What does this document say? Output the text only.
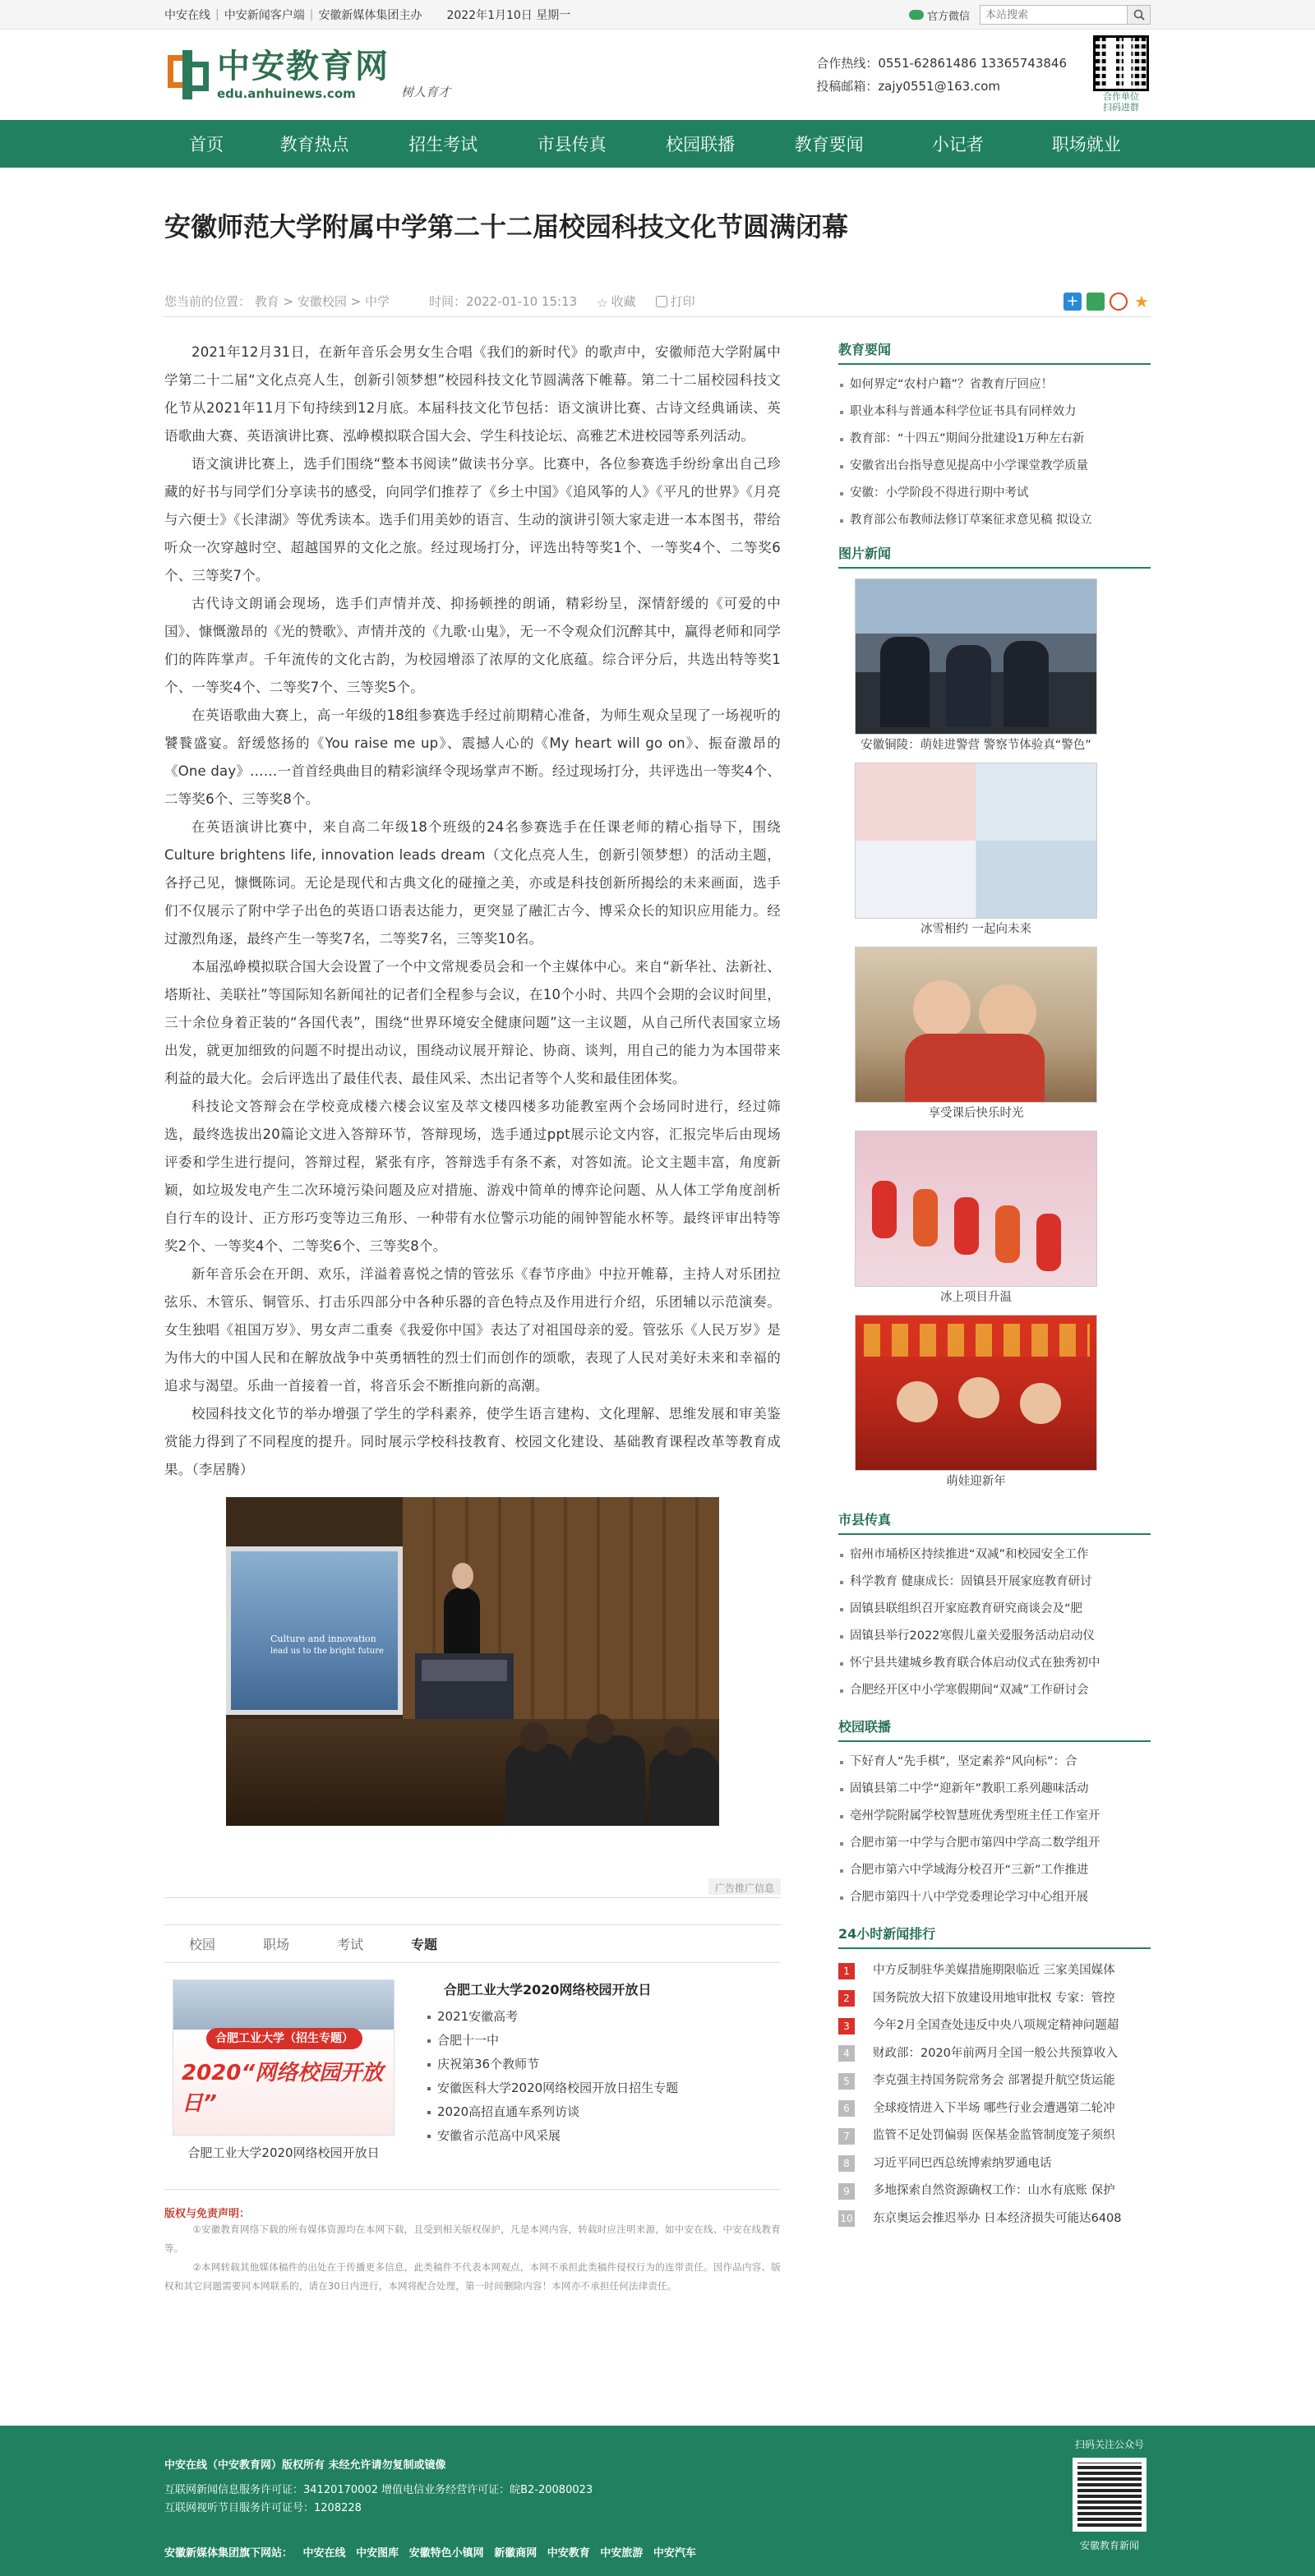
中安在线 | 中安新闻客户端 | 安徽新媒体集团主办 2022年1月10日 星期一	官方微信
本站搜索
中安教育网
edu.anhuinews.com	树人育才
合作热线：0551-62861486 13365743846
投稿邮箱：zajy0551@163.com
合作单位
扫码进群
首页	教育热点	招生考试	市县传真	校园联播	教育要闻	小记者	职场就业
安徽师范大学附属中学第二十二届校园科技文化节圆满闭幕
您当前的位置： 教育 > 安徽校园 > 中学	时间：2022-01-10 15:13 ☆ 收藏	打印	+	★

2021年12月31日，在新年音乐会男女生合唱《我们的新时代》的歌声中，安徽师范大学附属中学第二十二届“文化点亮人生，创新引领梦想”校园科技文化节圆满落下帷幕。第二十二届校园科技文化节从2021年11月下旬持续到12月底。本届科技文化节包括：语文演讲比赛、古诗文经典诵读、英语歌曲大赛、英语演讲比赛、泓峥模拟联合国大会、学生科技论坛、高雅艺术进校园等系列活动。

语文演讲比赛上，选手们围绕“整本书阅读”做读书分享。比赛中，各位参赛选手纷纷拿出自己珍藏的好书与同学们分享读书的感受，向同学们推荐了《乡土中国》《追风筝的人》《平凡的世界》《月亮与六便士》《长津湖》等优秀读本。选手们用美妙的语言、生动的演讲引领大家走进一本本图书，带给听众一次穿越时空、超越国界的文化之旅。经过现场打分，评选出特等奖1个、一等奖4个、二等奖6个、三等奖7个。

古代诗文朗诵会现场，选手们声情并茂、抑扬顿挫的朗诵，精彩纷呈，深情舒缓的《可爱的中国》、慷慨激昂的《光的赞歌》、声情并茂的《九歌·山鬼》，无一不令观众们沉醉其中，赢得老师和同学们的阵阵掌声。千年流传的文化古韵，为校园增添了浓厚的文化底蕴。综合评分后，共选出特等奖1个、一等奖4个、二等奖7个、三等奖5个。

在英语歌曲大赛上，高一年级的18组参赛选手经过前期精心准备，为师生观众呈现了一场视听的饕餮盛宴。舒缓悠扬的《You raise me up》、震撼人心的《My heart will go on》、振奋激昂的《One day》……一首首经典曲目的精彩演绎令现场掌声不断。经过现场打分，共评选出一等奖4个、二等奖6个、三等奖8个。

在英语演讲比赛中，来自高二年级18个班级的24名参赛选手在任课老师的精心指导下，围绕Culture brightens life, innovation leads dream（文化点亮人生，创新引领梦想）的活动主题，各抒己见，慷慨陈词。无论是现代和古典文化的碰撞之美，亦或是科技创新所揭绘的未来画面，选手们不仅展示了附中学子出色的英语口语表达能力，更突显了融汇古今、博采众长的知识应用能力。经过激烈角逐，最终产生一等奖7名，二等奖7名，三等奖10名。

本届泓峥模拟联合国大会设置了一个中文常规委员会和一个主媒体中心。来自“新华社、法新社、塔斯社、美联社”等国际知名新闻社的记者们全程参与会议，在10个小时、共四个会期的会议时间里，三十余位身着正装的“各国代表”，围绕“世界环境安全健康问题”这一主议题，从自己所代表国家立场出发，就更加细致的问题不时提出动议，围绕动议展开辩论、协商、谈判，用自己的能力为本国带来利益的最大化。会后评选出了最佳代表、最佳风采、杰出记者等个人奖和最佳团体奖。

科技论文答辩会在学校竟成楼六楼会议室及萃文楼四楼多功能教室两个会场同时进行，经过筛选，最终选拔出20篇论文进入答辩环节，答辩现场，选手通过ppt展示论文内容，汇报完毕后由现场评委和学生进行提问，答辩过程，紧张有序，答辩选手有条不紊，对答如流。论文主题丰富，角度新颖，如垃圾发电产生二次环境污染问题及应对措施、游戏中简单的博弈论问题、从人体工学角度剖析自行车的设计、正方形巧变等边三角形、一种带有水位警示功能的闹钟智能水杯等。最终评审出特等奖2个、一等奖4个、二等奖6个、三等奖8个。

新年音乐会在开朗、欢乐，洋溢着喜悦之情的管弦乐《春节序曲》中拉开帷幕，主持人对乐团拉弦乐、木管乐、铜管乐、打击乐四部分中各种乐器的音色特点及作用进行介绍，乐团辅以示范演奏。女生独唱《祖国万岁》、男女声二重奏《我爱你中国》表达了对祖国母亲的爱。管弦乐《人民万岁》是为伟大的中国人民和在解放战争中英勇牺牲的烈士们而创作的颂歌，表现了人民对美好未来和幸福的追求与渴望。乐曲一首接着一首，将音乐会不断推向新的高潮。

校园科技文化节的举办增强了学生的学科素养，使学生语言建构、文化理解、思维发展和审美鉴赏能力得到了不同程度的提升。同时展示学校科技教育、校园文化建设、基础教育课程改革等教育成果。（李居腾）

Culture and innovation
lead us to the bright future
广告推广信息
校园	职场	考试	专题
合肥工业大学（招生专题）
2020“网络校园开放日”
合肥工业大学2020网络校园开放日
合肥工业大学2020网络校园开放日
2021安徽高考
合肥十一中
庆祝第36个教师节
安徽医科大学2020网络校园开放日招生专题
2020高招直通车系列访谈
安徽省示范高中风采展
版权与免责声明：

①安徽教育网络下载的所有媒体资源均在本网下载，且受到相关版权保护，凡是本网内容，转载时应注明来源，如中安在线、中安在线教育等。

②本网转载其他媒体稿件的出处在于传播更多信息，此类稿件不代表本网观点，本网不承担此类稿件侵权行为的连带责任。因作品内容、版权和其它问题需要同本网联系的，请在30日内进行，本网将配合处理，第一时间删除内容！本网亦不承担任何法律责任。

教育要闻
如何界定“农村户籍”？省教育厅回应！
职业本科与普通本科学位证书具有同样效力
教育部：“十四五”期间分批建设1万种左右新
安徽省出台指导意见提高中小学课堂教学质量
安徽：小学阶段不得进行期中考试
教育部公布教师法修订草案征求意见稿 拟设立
图片新闻
安徽铜陵：萌娃进警营 警察节体验真“警色”
冰雪相约 一起向未来
享受课后快乐时光
冰上项目升温
萌娃迎新年
市县传真
宿州市埇桥区持续推进“双减”和校园安全工作
科学教育 健康成长：固镇县开展家庭教育研讨
固镇县联组织召开家庭教育研究商谈会及“肥
固镇县举行2022寒假儿童关爱服务活动启动仪
怀宁县共建城乡教育联合体启动仪式在独秀初中
合肥经开区中小学寒假期间“双减”工作研讨会
校园联播
下好育人“先手棋”，坚定素养“风向标”：合
固镇县第二中学“迎新年”教职工系列趣味活动
亳州学院附属学校智慧班优秀型班主任工作室开
合肥市第一中学与合肥市第四中学高二数学组开
合肥市第六中学域海分校召开“三新”工作推进
合肥市第四十八中学党委理论学习中心组开展
24小时新闻排行
1	中方反制驻华美媒措施期限临近 三家美国媒体
2	国务院放大招下放建设用地审批权 专家：管控
3	今年2月全国查处违反中央八项规定精神问题超
4	财政部：2020年前两月全国一般公共预算收入
5	李克强主持国务院常务会 部署提升航空货运能
6	全球疫情进入下半场 哪些行业会遭遇第二轮冲
7	监管不足处罚偏弱 医保基金监管制度笼子须织
8	习近平同巴西总统博索纳罗通电话
9	多地探索自然资源确权工作：山水有底账 保护
10 东京奥运会推迟举办 日本经济损失可能达6408
中安在线（中安教育网）版权所有 未经允许请勿复制或镜像
互联网新闻信息服务许可证：34120170002 增值电信业务经营许可证：皖B2-20080023
互联网视听节目服务许可证号：1208228
安徽新媒体集团旗下网站： 中安在线 中安图库 安徽特色小镇网 新徽商网 中安教育 中安旅游 中安汽车
扫码关注公众号
安徽教育新闻
